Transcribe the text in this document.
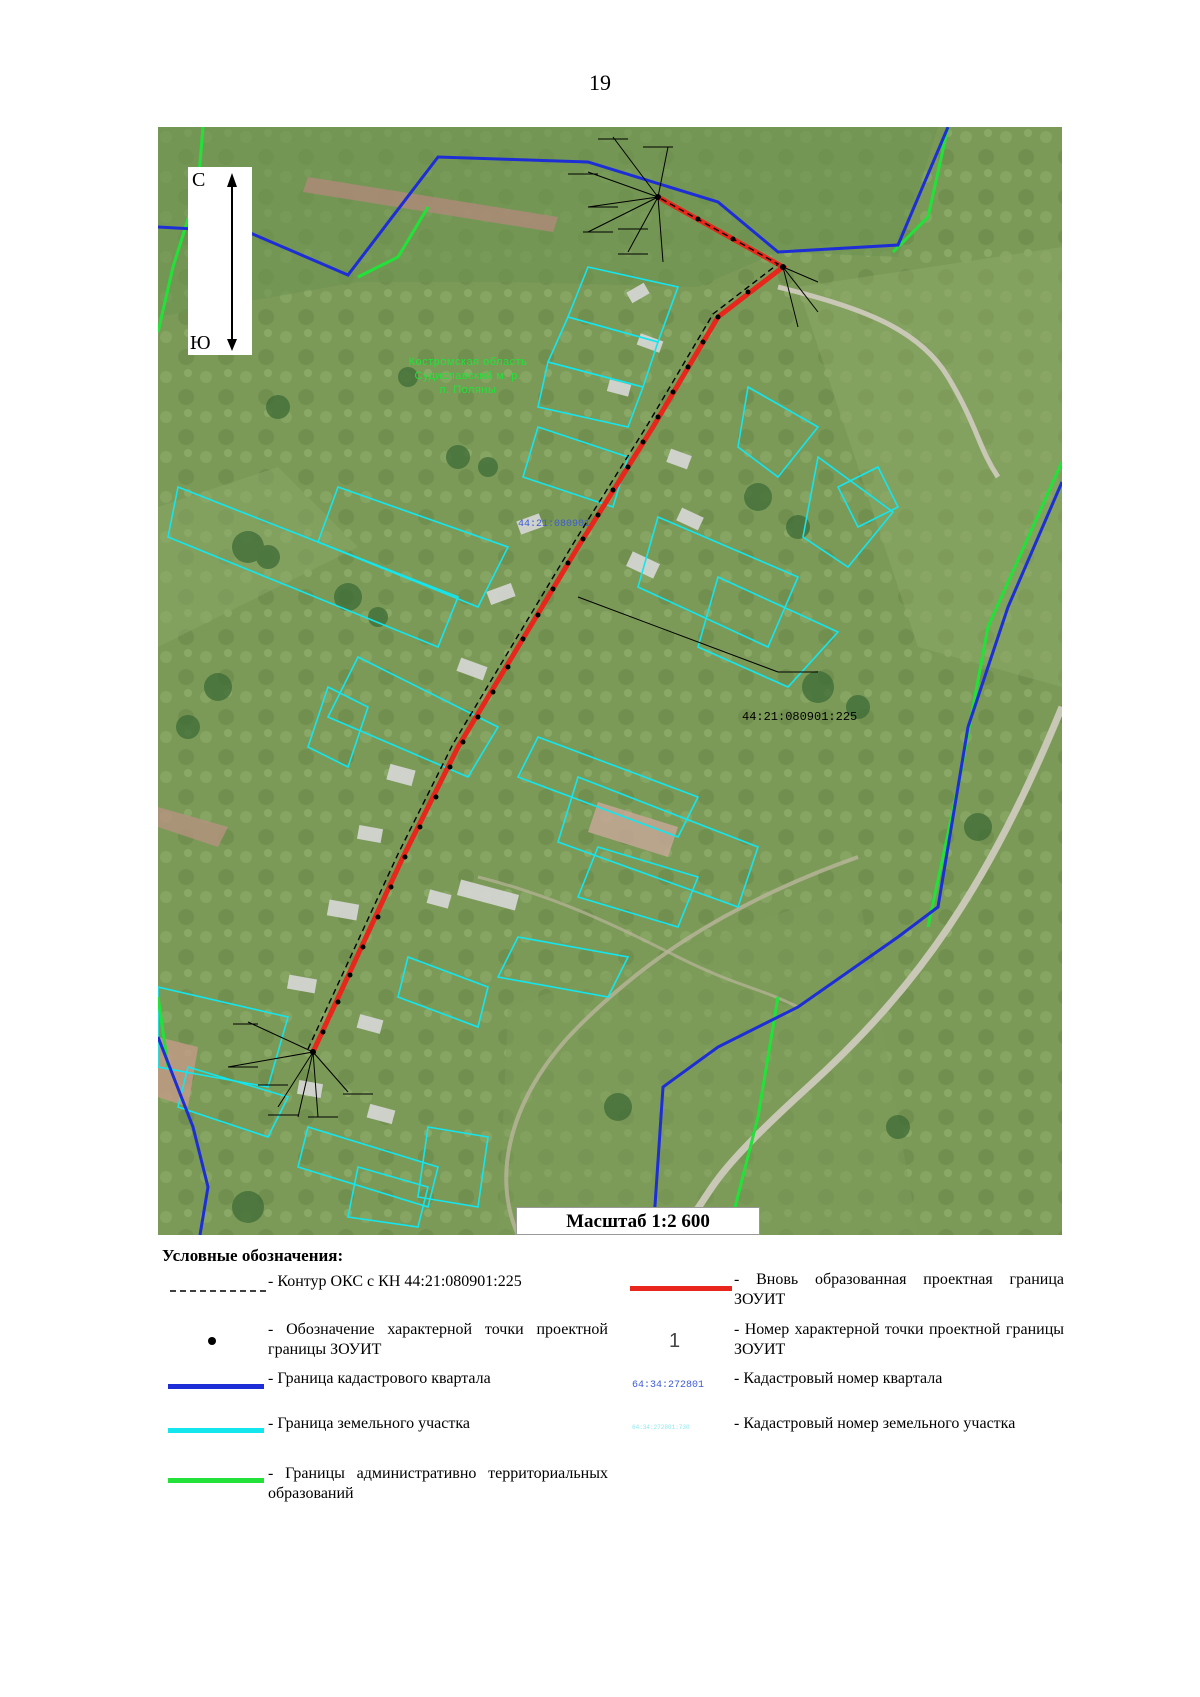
19
С
Ю
Костромская область
Судиславский м. р.
п. Поляны
44:21:080901
44:21:080901:225
Масштаб 1:2 600
Условные обозначения:
- Контур ОКС с КН 44:21:080901:225	- Вновь образованная проектная граница ЗОУИТ
- Обозначение характерной точки проектной границы ЗОУИТ	1
- Номер характерной точки проектной границы ЗОУИТ
- Граница кадастрового квартала	64:34:272801 - Кадастровый номер квартала
- Граница земельного участка	64:34:272801:730	- Кадастровый номер земельного участка
- Границы административно территориальных образований
